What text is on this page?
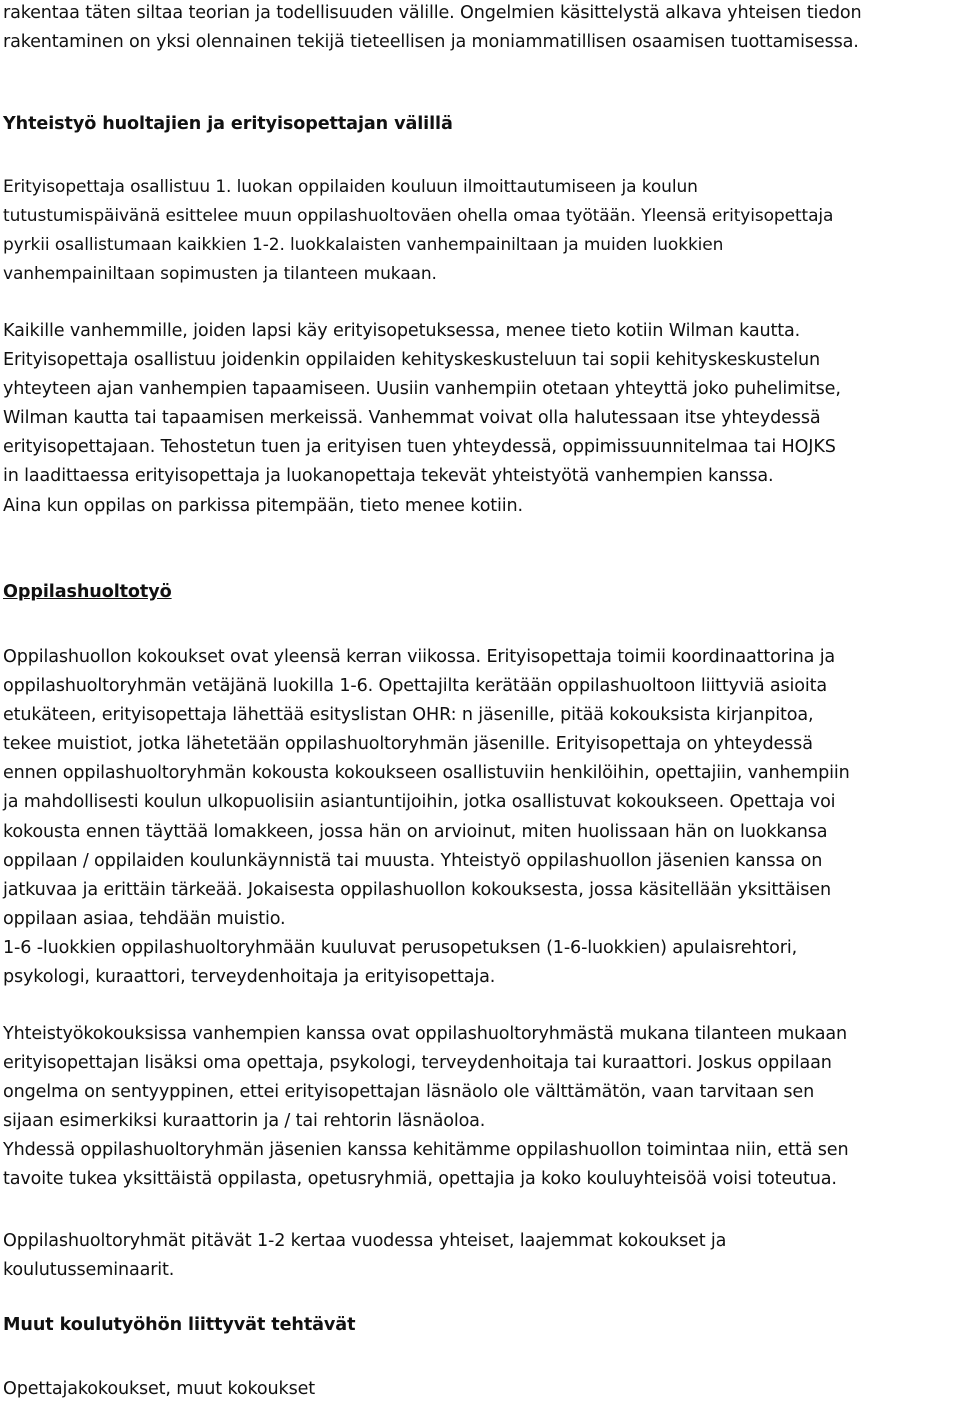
rakentaa täten siltaa teorian ja todellisuuden välille. Ongelmien käsittelystä alkava yhteisen tiedon
rakentaminen on yksi olennainen tekijä tieteellisen ja moniammatillisen osaamisen tuottamisessa.

Yhteistyö huoltajien ja erityisopettajan välillä

Erityisopettaja osallistuu 1. luokan oppilaiden kouluun ilmoittautumiseen ja koulun
tutustumispäivänä esittelee muun oppilashuoltoväen ohella omaa työtään. Yleensä erityisopettaja
pyrkii osallistumaan kaikkien 1-2. luokkalaisten vanhempainiltaan ja muiden luokkien
vanhempainiltaan sopimusten ja tilanteen mukaan.

Kaikille vanhemmille, joiden lapsi käy erityisopetuksessa, menee tieto kotiin Wilman kautta.
Erityisopettaja osallistuu joidenkin oppilaiden kehityskeskusteluun tai sopii kehityskeskustelun
yhteyteen ajan vanhempien tapaamiseen. Uusiin vanhempiin otetaan yhteyttä joko puhelimitse,
Wilman kautta tai tapaamisen merkeissä. Vanhemmat voivat olla halutessaan itse yhteydessä
erityisopettajaan. Tehostetun tuen ja erityisen tuen yhteydessä, oppimissuunnitelmaa tai HOJKS
in laadittaessa erityisopettaja ja luokanopettaja tekevät yhteistyötä vanhempien kanssa.
Aina kun oppilas on parkissa pitempään, tieto menee kotiin.

Oppilashuoltotyö

Oppilashuollon kokoukset ovat yleensä kerran viikossa. Erityisopettaja toimii koordinaattorina ja
oppilashuoltoryhmän vetäjänä luokilla 1-6. Opettajilta kerätään oppilashuoltoon liittyviä asioita
etukäteen, erityisopettaja lähettää esityslistan OHR: n jäsenille, pitää kokouksista kirjanpitoa,
tekee muistiot, jotka lähetetään oppilashuoltoryhmän jäsenille. Erityisopettaja on yhteydessä
ennen oppilashuoltoryhmän kokousta kokoukseen osallistuviin henkilöihin, opettajiin, vanhempiin
ja mahdollisesti koulun ulkopuolisiin asiantuntijoihin, jotka osallistuvat kokoukseen. Opettaja voi
kokousta ennen täyttää lomakkeen, jossa hän on arvioinut, miten huolissaan hän on luokkansa
oppilaan / oppilaiden koulunkäynnistä tai muusta. Yhteistyö oppilashuollon jäsenien kanssa on
jatkuvaa ja erittäin tärkeää. Jokaisesta oppilashuollon kokouksesta, jossa käsitellään yksittäisen
oppilaan asiaa, tehdään muistio.
1-6 -luokkien oppilashuoltoryhmään kuuluvat perusopetuksen (1-6-luokkien) apulaisrehtori,
psykologi, kuraattori, terveydenhoitaja ja erityisopettaja.

Yhteistyökokouksissa vanhempien kanssa ovat oppilashuoltoryhmästä mukana tilanteen mukaan
erityisopettajan lisäksi oma opettaja, psykologi, terveydenhoitaja tai kuraattori. Joskus oppilaan
ongelma on sentyyppinen, ettei erityisopettajan läsnäolo ole välttämätön, vaan tarvitaan sen
sijaan esimerkiksi kuraattorin ja / tai rehtorin läsnäoloa.
Yhdessä oppilashuoltoryhmän jäsenien kanssa kehitämme oppilashuollon toimintaa niin, että sen
tavoite tukea yksittäistä oppilasta, opetusryhmiä, opettajia ja koko kouluyhteisöä voisi toteutua.

Oppilashuoltoryhmät pitävät 1-2 kertaa vuodessa yhteiset, laajemmat kokoukset ja
koulutusseminaarit.

Muut koulutyöhön liittyvät tehtävät

Opettajakokoukset, muut kokoukset
